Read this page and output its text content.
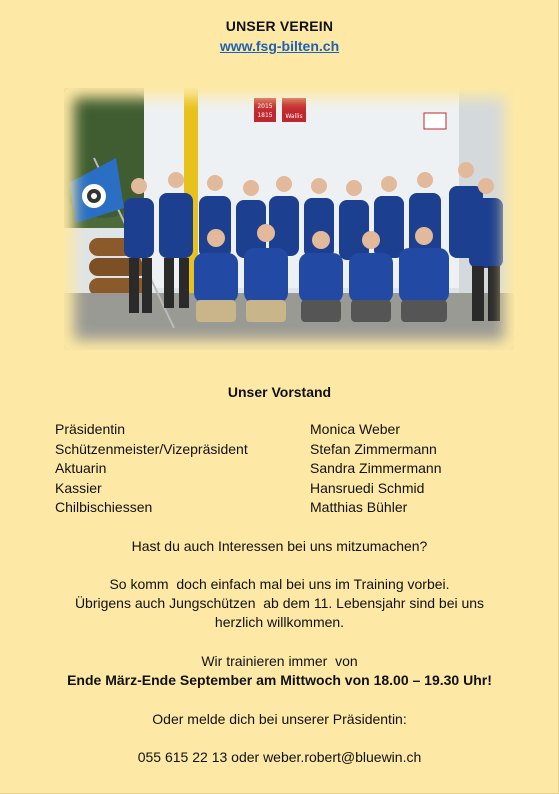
UNSER VEREIN
www.fsg-bilten.ch
2015
1815 Wallis
Unser Vorstand
Präsidentin	Monica Weber
Schützenmeister/Vizepräsident	Stefan Zimmermann
Aktuarin	Sandra Zimmermann
Kassier	Hansruedi Schmid
Chilbischiessen	Matthias Bühler
Hast du auch Interessen bei uns mitzumachen?
So komm  doch einfach mal bei uns im Training vorbei.
Übrigens auch Jungschützen  ab dem 11. Lebensjahr sind bei uns
herzlich willkommen.
Wir trainieren immer  von
Ende März-Ende September am Mittwoch von 18.00 – 19.30 Uhr!
Oder melde dich bei unserer Präsidentin:
055 615 22 13 oder weber.robert@bluewin.ch
